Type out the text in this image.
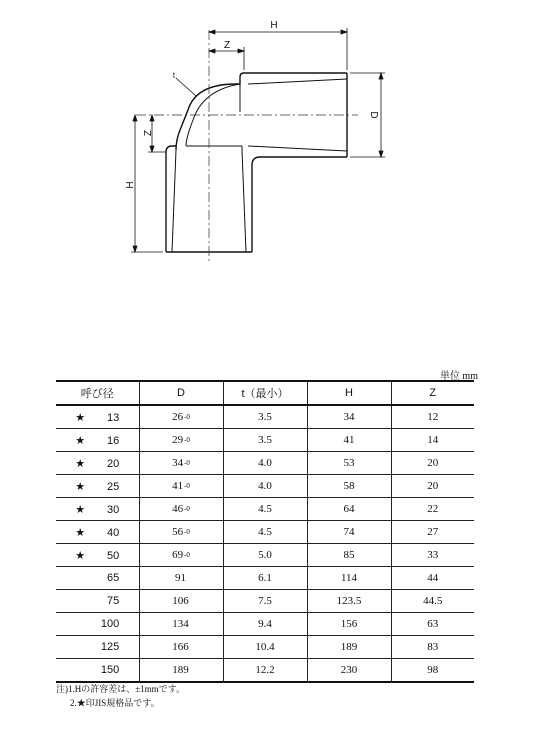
H
Z
D
Z
H
t
単位 mm
呼び径	D	t（最小）	H	Z
★ 13	26-0	3.5	34	12
★ 16	29-0	3.5	41	14
★ 20	34-0	4.0	53	20
★ 25	41-0	4.0	58	20
★ 30	46-0	4.5	64	22
★ 40	56-0	4.5	74	27
★ 50	69-0	5.0	85	33
65	91	6.1	114	44
75	106	7.5	123.5	44.5
100	134	9.4	156	63
125	166	10.4	189	83
150	189	12.2	230	98
注)1.Hの許容差は、±1mmです。
2.★印JIS規格品です。
